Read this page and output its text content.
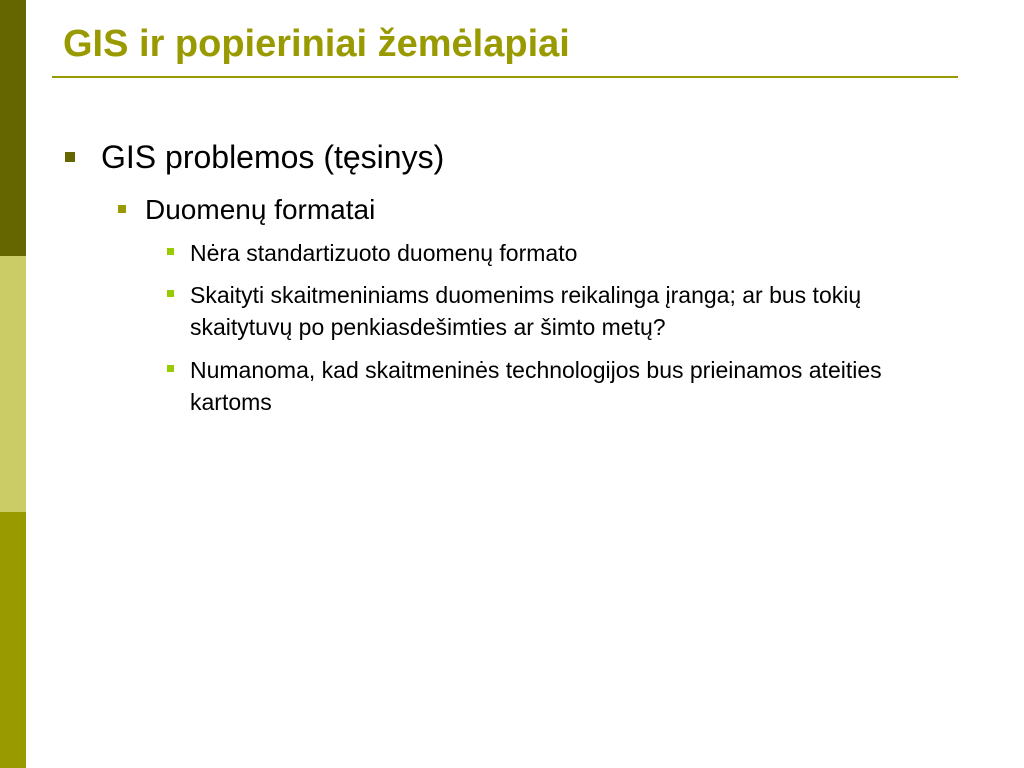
GIS ir popieriniai žemėlapiai

GIS problemos (tęsinys)

Duomenų formatai

Nėra standartizuoto duomenų formato

Skaityti skaitmeniniams duomenims reikalinga įranga; ar bus tokių skaitytuvų po penkiasdešimties ar šimto metų?

Numanoma, kad skaitmeninės technologijos bus prieinamos ateities kartoms
